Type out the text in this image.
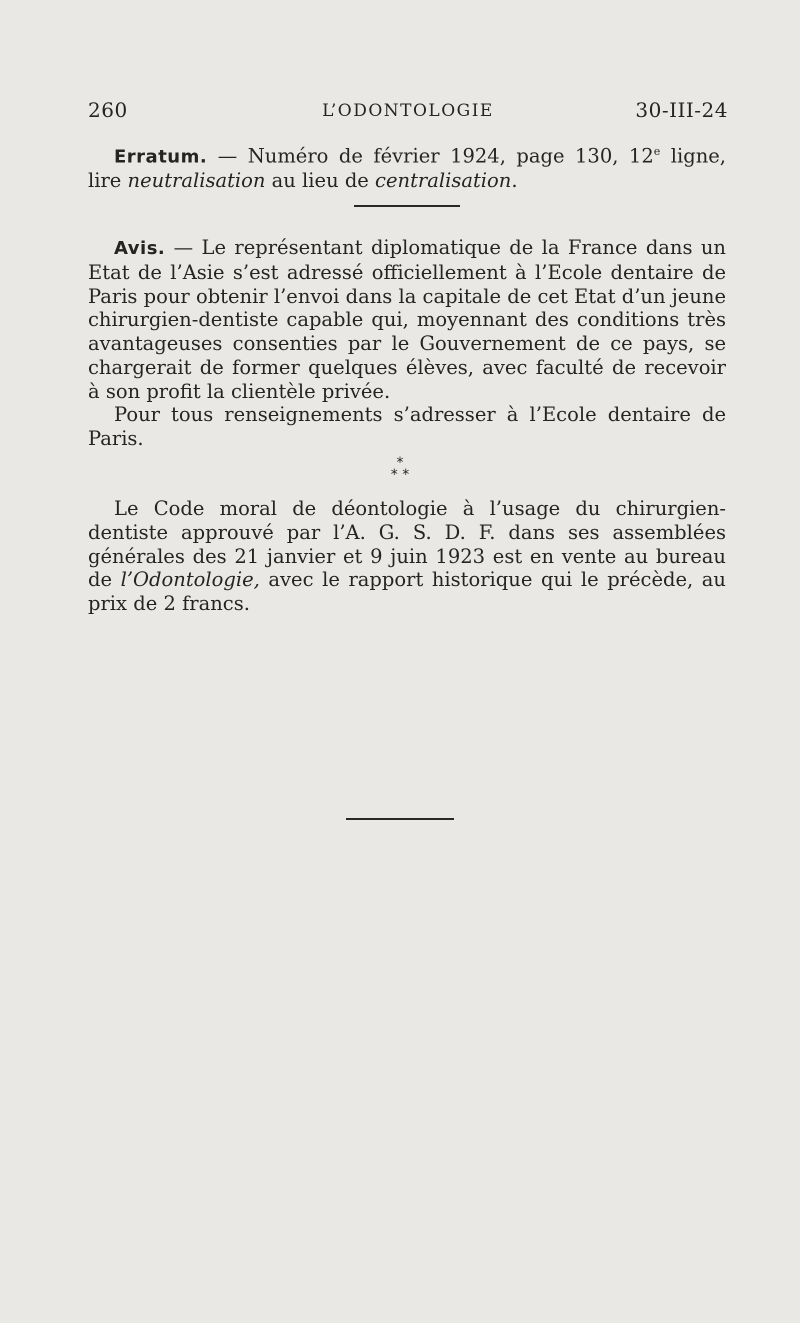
260	L’ODONTOLOGIE	30-III-24
Erratum. — Numéro de février 1924, page 130, 12e ligne, lire neutralisation au lieu de centralisation.
Avis. — Le représentant diplomatique de la France dans un Etat de l’Asie s’est adressé officiellement à l’Ecole dentaire de Paris pour obtenir l’envoi dans la capitale de cet Etat d’un jeune chirurgien-dentiste capable qui, moyennant des conditions très avantageuses consenties par le Gouvernement de ce pays, se chargerait de former quelques élèves, avec faculté de recevoir à son profit la clientèle privée.
Pour tous renseignements s’adresser à l’Ecole dentaire de Paris.
*
* *
Le Code moral de déontologie à l’usage du chirurgien-dentiste approuvé par l’A. G. S. D. F. dans ses assemblées générales des 21 janvier et 9 juin 1923 est en vente au bureau de l’Odontologie, avec le rapport historique qui le précède, au prix de 2 francs.
